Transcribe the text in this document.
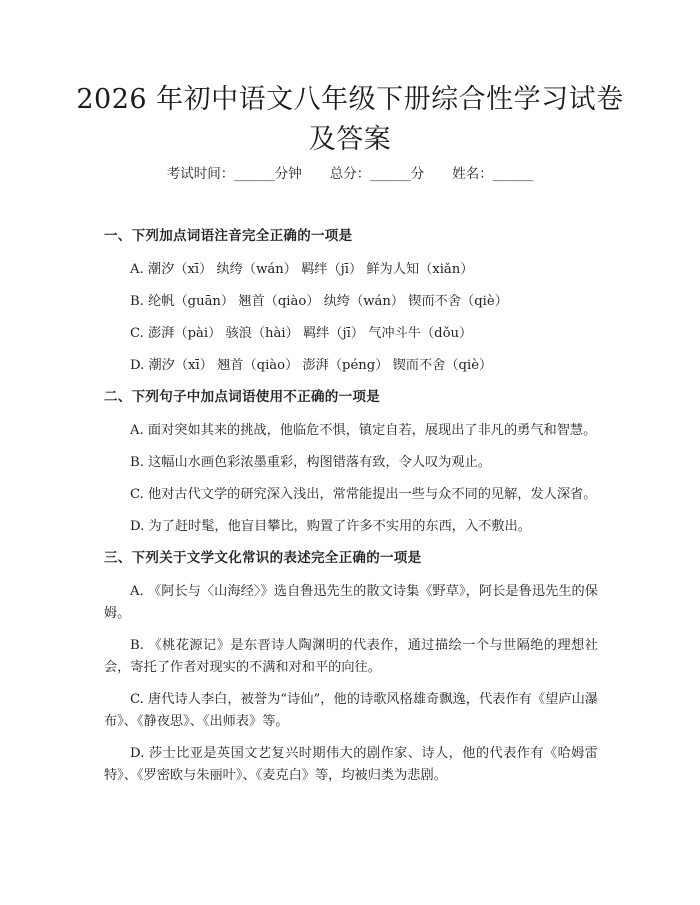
2026 年初中语文八年级下册综合性学习试卷及答案
考试时间：______分钟 总分：______分 姓名：______
一、下列加点词语注音完全正确的一项是
A. 潮汐（xī） 纨绔（wán） 羁绊（jī） 鲜为人知（xiǎn）
B. 纶帆（guān） 翘首（qiào） 纨绔（wán） 锲而不舍（qiè）
C. 澎湃（pài） 骇浪（hài） 羁绊（jī） 气冲斗牛（dǒu）
D. 潮汐（xī） 翘首（qiào） 澎湃（péng） 锲而不舍（qiè）
二、下列句子中加点词语使用不正确的一项是
A. 面对突如其来的挑战，他临危不惧，镇定自若，展现出了非凡的勇气和智慧。
B. 这幅山水画色彩浓墨重彩，构图错落有致，令人叹为观止。
C. 他对古代文学的研究深入浅出，常常能提出一些与众不同的见解，发人深省。
D. 为了赶时髦，他盲目攀比，购置了许多不实用的东西，入不敷出。
三、下列关于文学文化常识的表述完全正确的一项是
A. 《阿长与〈山海经〉》选自鲁迅先生的散文诗集《野草》，阿长是鲁迅先生的保姆。
B. 《桃花源记》是东晋诗人陶渊明的代表作，通过描绘一个与世隔绝的理想社会，寄托了作者对现实的不满和对和平的向往。
C. 唐代诗人李白，被誉为“诗仙”，他的诗歌风格雄奇飘逸，代表作有《望庐山瀑布》、《静夜思》、《出师表》等。
D. 莎士比亚是英国文艺复兴时期伟大的剧作家、诗人，他的代表作有《哈姆雷特》、《罗密欧与朱丽叶》、《麦克白》等，均被归类为悲剧。
